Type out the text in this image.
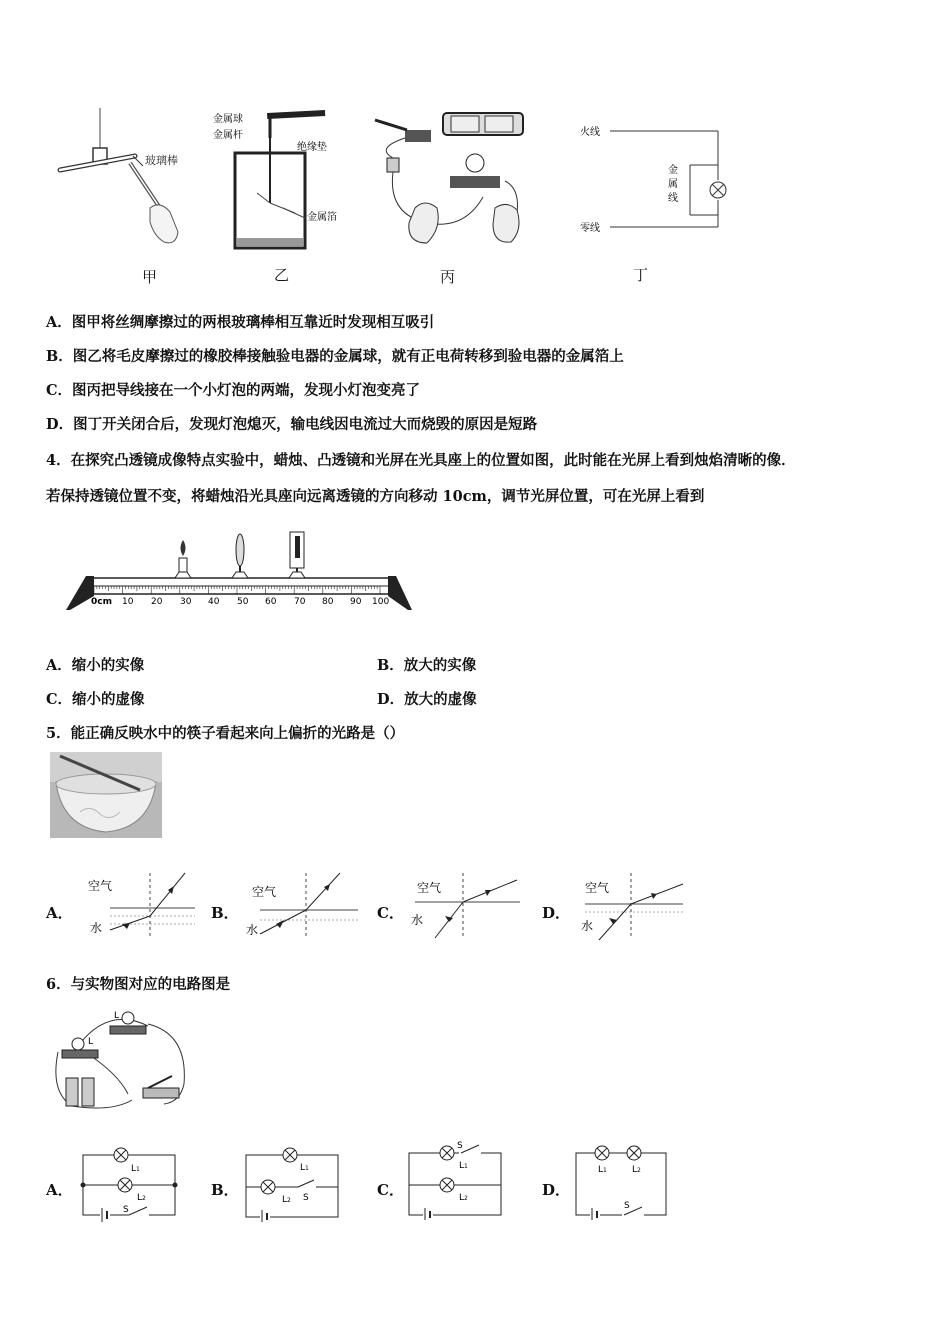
玻璃棒
甲
金属球
金属杆
绝缘垫
金属箔
乙	丙
火线
零线
金
属
线
丁
A．图甲将丝绸摩擦过的两根玻璃棒相互靠近时发现相互吸引
B．图乙将毛皮摩擦过的橡胶棒接触验电器的金属球，就有正电荷转移到验电器的金属箔上
C．图丙把导线接在一个小灯泡的两端，发现小灯泡变亮了
D．图丁开关闭合后，发现灯泡熄灭，输电线因电流过大而烧毁的原因是短路
4．在探究凸透镜成像特点实验中，蜡烛、凸透镜和光屏在光具座上的位置如图，此时能在光屏上看到烛焰清晰的像．
若保持透镜位置不变，将蜡烛沿光具座向远离透镜的方向移动 10cm，调节光屏位置，可在光屏上看到
0cm 10 20 30 40 50 60 70 80 90 100
A．缩小的实像	B．放大的实像
C．缩小的虚像	D．放大的虚像
5．能正确反映水中的筷子看起来向上偏折的光路是（）
A．
空气
水
B．
空气
水
C．
空气
水	D．
空气
水
6．与实物图对应的电路图是
L
L
A．
L1
L2
S
B．
L1
L2 S	C．
S
L1
L2	D．
L1	L2
S
